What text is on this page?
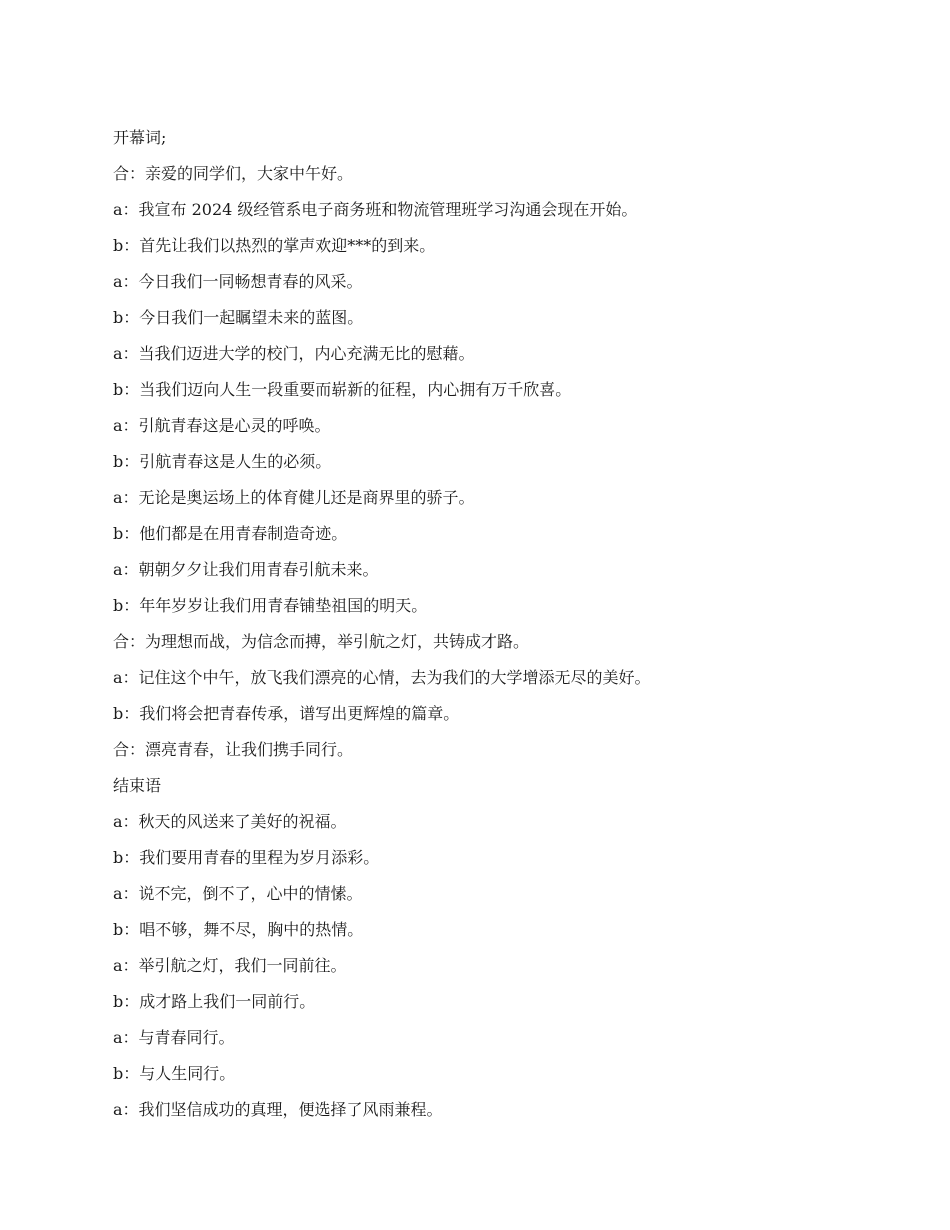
开幕词;
合：亲爱的同学们，大家中午好。
a：我宣布 2024 级经管系电子商务班和物流管理班学习沟通会现在开始。
b：首先让我们以热烈的掌声欢迎***的到来。
a：今日我们一同畅想青春的风采。
b：今日我们一起瞩望未来的蓝图。
a：当我们迈进大学的校门，内心充满无比的慰藉。
b：当我们迈向人生一段重要而崭新的征程，内心拥有万千欣喜。
a：引航青春这是心灵的呼唤。
b：引航青春这是人生的必须。
a：无论是奥运场上的体育健儿还是商界里的骄子。
b：他们都是在用青春制造奇迹。
a：朝朝夕夕让我们用青春引航未来。
b：年年岁岁让我们用青春铺垫祖国的明天。
合：为理想而战，为信念而搏，举引航之灯，共铸成才路。
a：记住这个中午，放飞我们漂亮的心情，去为我们的大学增添无尽的美好。
b：我们将会把青春传承，谱写出更辉煌的篇章。
合：漂亮青春，让我们携手同行。
结束语
a：秋天的风送来了美好的祝福。
b：我们要用青春的里程为岁月添彩。
a：说不完，倒不了，心中的情愫。
b：唱不够，舞不尽，胸中的热情。
a：举引航之灯，我们一同前往。
b：成才路上我们一同前行。
a：与青春同行。
b：与人生同行。
a：我们坚信成功的真理，便选择了风雨兼程。
